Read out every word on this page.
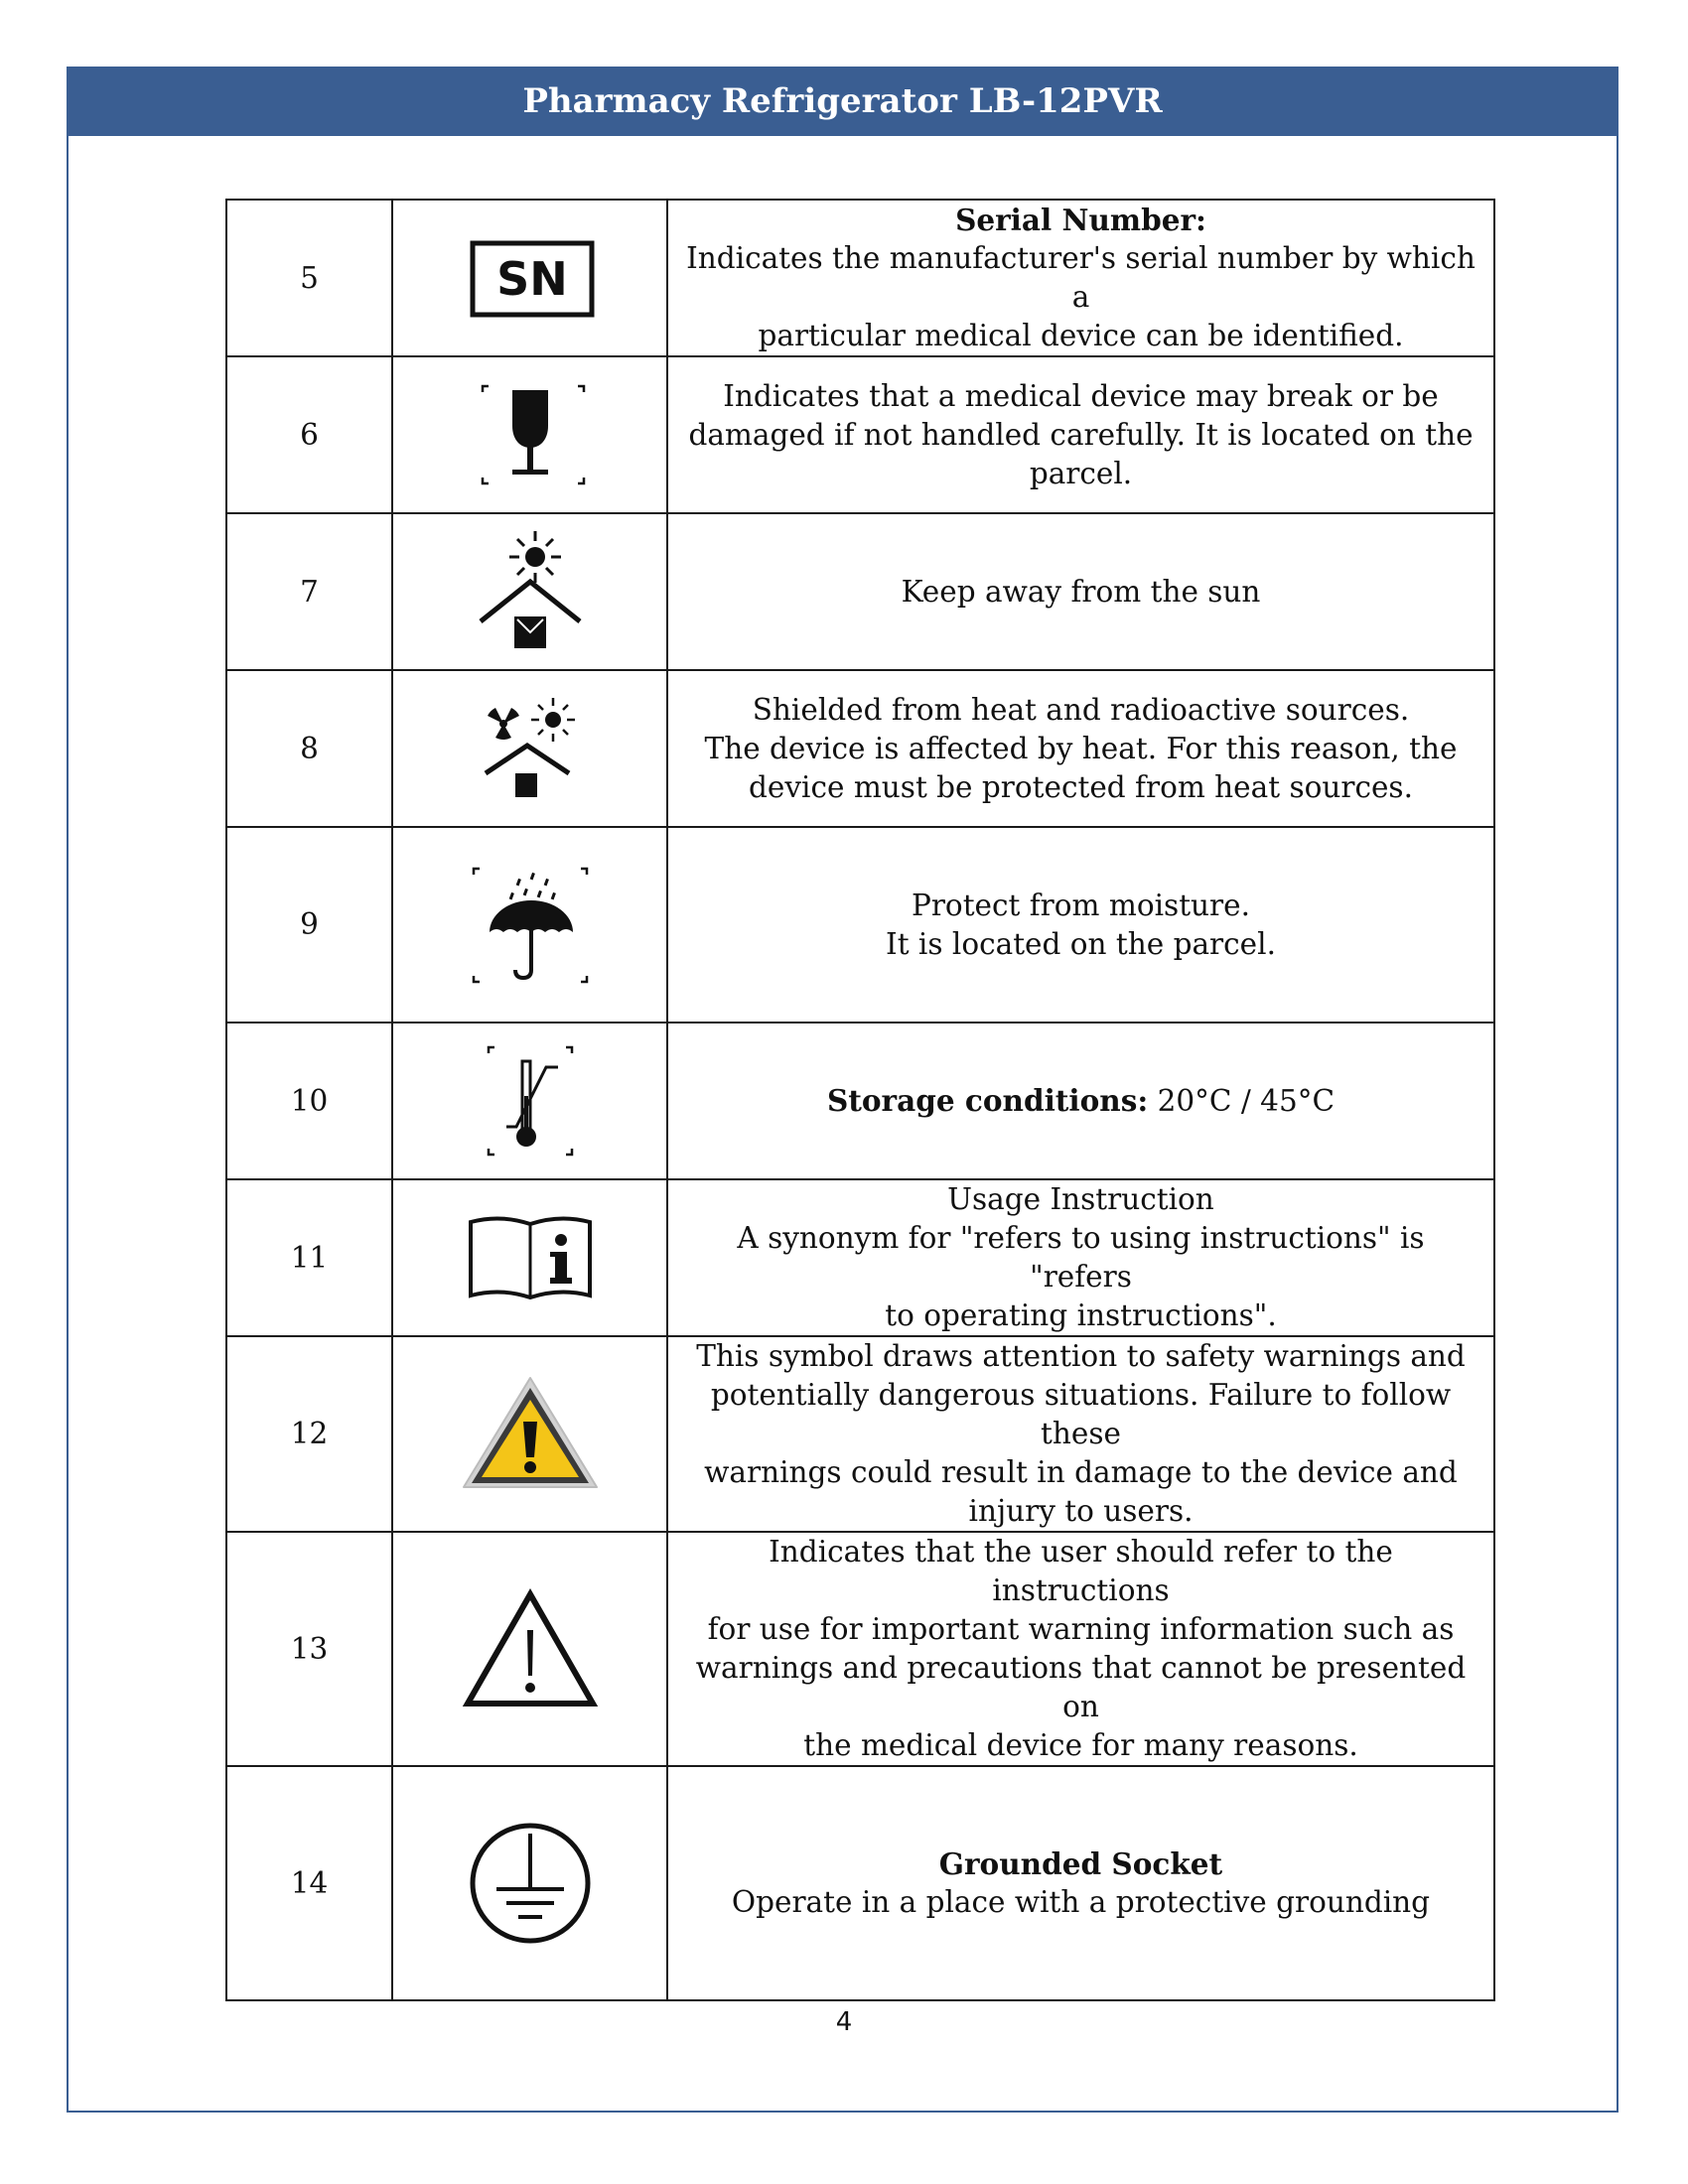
Pharmacy Refrigerator LB-12PVR
5	SN	Serial Number:
Indicates the manufacturer's serial number by which a
particular medical device can be identified.

6		Indicates that a medical device may break or be
damaged if not handled carefully. It is located on the
parcel.

7		Keep away from the sun

8		Shielded from heat and radioactive sources.
The device is affected by heat. For this reason, the
device must be protected from heat sources.

9		Protect from moisture.
It is located on the parcel.

10		Storage conditions: 20°C / 45°C

11		Usage Instruction
A synonym for "refers to using instructions" is "refers
to operating instructions".

12		This symbol draws attention to safety warnings and
potentially dangerous situations. Failure to follow these
warnings could result in damage to the device and
injury to users.

13		Indicates that the user should refer to the instructions
for use for important warning information such as
warnings and precautions that cannot be presented on
the medical device for many reasons.

14		Grounded Socket
Operate in a place with a protective grounding
4
